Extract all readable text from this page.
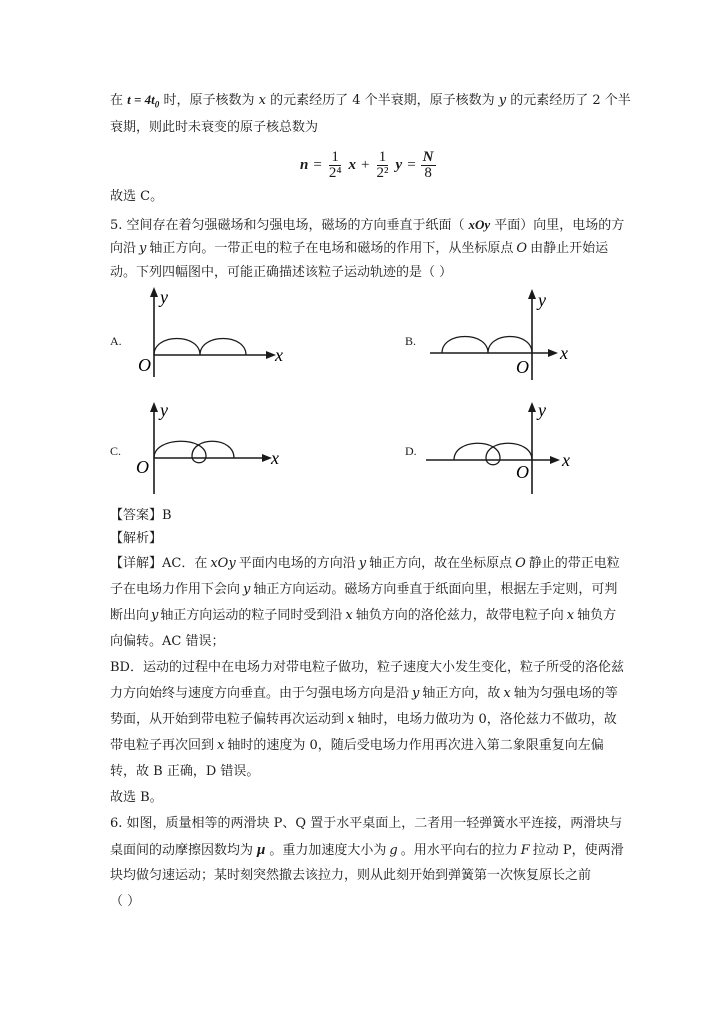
在 $t = 4t_0$ 时，原子核数为 x 的元素经历了 4 个半衰期，原子核数为 y 的元素经历了 2 个半
衰期，则此时未衰变的原子核总数为
$n = \frac{1}{\text{2⁴}}$ $x + \frac{1}{\text{2²}}$ $y = \frac{N}{8}$
故选 C。
5. 空间存在着匀强磁场和匀强电场，磁场的方向垂直于纸面（ xOy 平面）向里，电场的方
向沿 y 轴正方向。一带正电的粒子在电场和磁场的作用下，从坐标原点 O 由静止开始运
动。下列四幅图中，可能正确描述该粒子运动轨迹的是（ ）
A.
y
x
O
B.
y
x
O
C.
y
x
O
D.
y
x
O
【答案】B
【解析】
【详解】AC．在 xOy 平面内电场的方向沿 y 轴正方向，故在坐标原点 O 静止的带正电粒
子在电场力作用下会向 y 轴正方向运动。磁场方向垂直于纸面向里，根据左手定则，可判
断出向 y 轴正方向运动的粒子同时受到沿 x 轴负方向的洛伦兹力，故带电粒子向 x 轴负方
向偏转。AC 错误；
BD．运动的过程中在电场力对带电粒子做功，粒子速度大小发生变化，粒子所受的洛伦兹
力方向始终与速度方向垂直。由于匀强电场方向是沿 y 轴正方向，故 x 轴为匀强电场的等
势面，从开始到带电粒子偏转再次运动到 x 轴时，电场力做功为 0，洛伦兹力不做功，故
带电粒子再次回到 x 轴时的速度为 0，随后受电场力作用再次进入第二象限重复向左偏
转，故 B 正确，D 错误。
故选 B。
6. 如图，质量相等的两滑块 P、Q 置于水平桌面上，二者用一轻弹簧水平连接，两滑块与
桌面间的动摩擦因数均为 μ 。重力加速度大小为 g 。用水平向右的拉力 F 拉动 P，使两滑
块均做匀速运动；某时刻突然撤去该拉力，则从此刻开始到弹簧第一次恢复原长之前
（ ）
